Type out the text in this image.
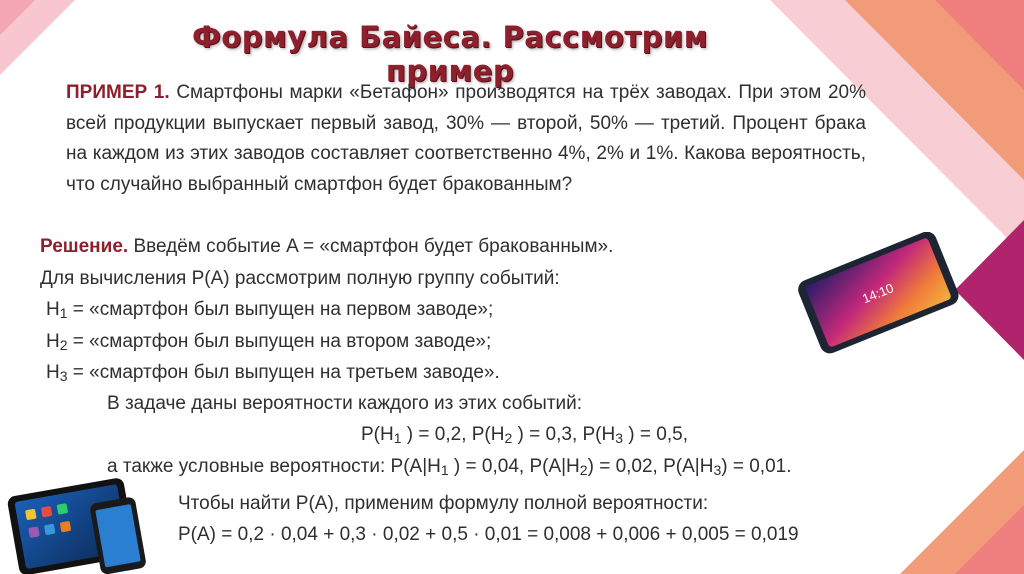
Формула Байеса. Рассмотрим пример
ПРИМЕР 1. Смартфоны марки «Бетафон» производятся на трёх заводах. При этом 20% всей продукции выпускает первый завод, 30% — второй, 50% — третий. Процент брака на каждом из этих заводов составляет соответственно 4%, 2% и 1%. Какова вероятность, что случайно выбранный смартфон будет бракованным?
Решение. Введём событие A = «смартфон будет бракованным».
Для вычисления P(A) рассмотрим полную группу событий:
$H_1$ = «смартфон был выпущен на первом заводе»;
$H_2$ = «смартфон был выпущен на втором заводе»;
$H_3$ = «смартфон был выпущен на третьем заводе».
В задаче даны вероятности каждого из этих событий:
$P(H_1$ ) = 0,2, $P(H_2$ ) = 0,3, $P(H_3$ ) = 0,5,
а также условные вероятности: $P(A|H_1$ ) = 0,04, $P(A|H_2) = 0,02$, $P(A|H_3) = 0,01$.
Чтобы найти P(A), применим формулу полной вероятности:
P(A) = 0,2 · 0,04 + 0,3 · 0,02 + 0,5 · 0,01 = 0,008 + 0,006 + 0,005 = 0,019
14:10
